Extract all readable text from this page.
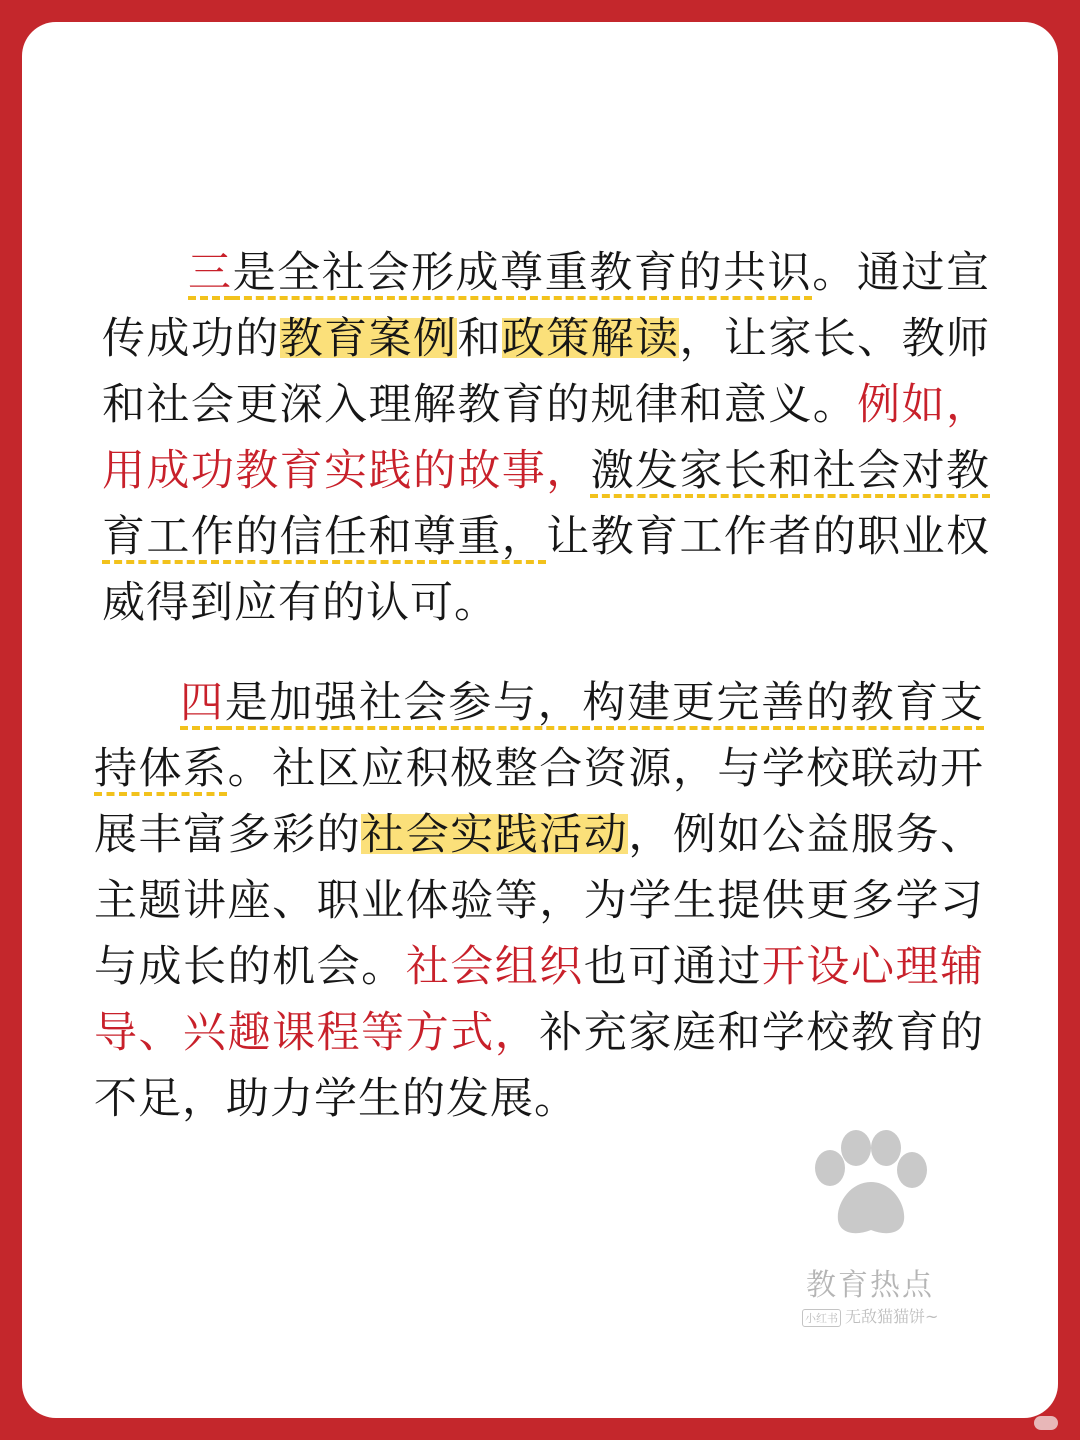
三是全社会形成尊重教育的共识。通过宣传成功的教育案例和政策解读，让家长、教师和社会更深入理解教育的规律和意义。例如，用成功教育实践的故事，激发家长和社会对教育工作的信任和尊重，让教育工作者的职业权威得到应有的认可。

四是加强社会参与，构建更完善的教育支持体系。社区应积极整合资源，与学校联动开展丰富多彩的社会实践活动，例如公益服务、主题讲座、职业体验等，为学生提供更多学习与成长的机会。社会组织也可通过开设心理辅导、兴趣课程等方式，补充家庭和学校教育的不足，助力学生的发展。

教育热点
小红书 无敌猫猫饼~
